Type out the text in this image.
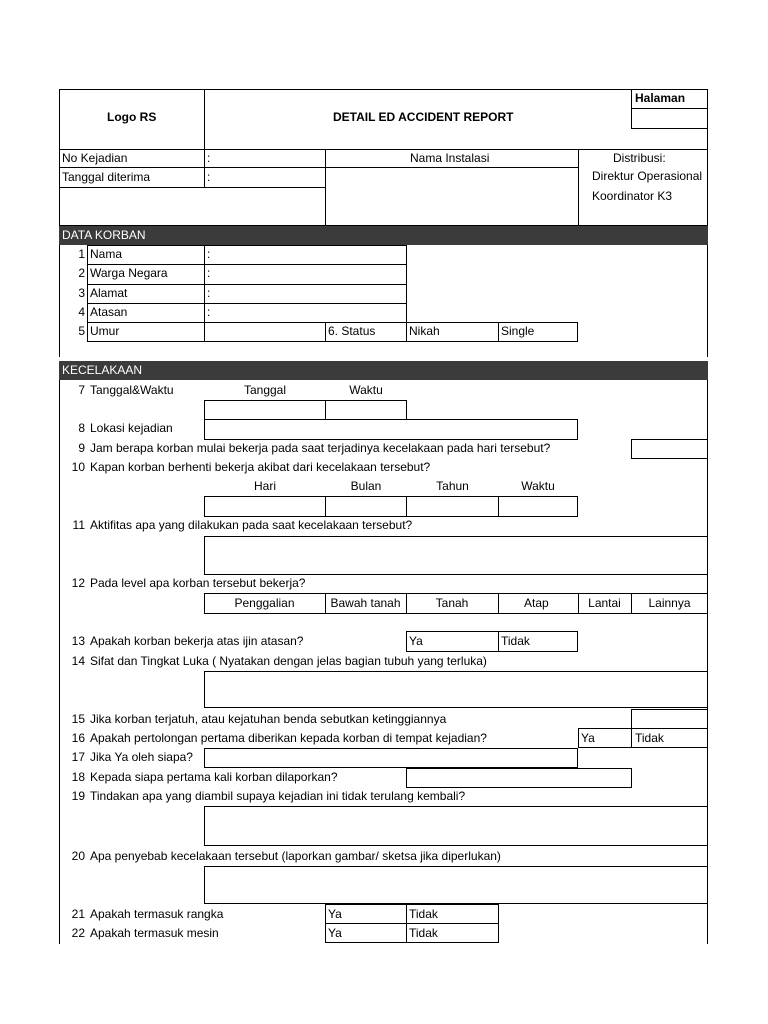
Logo RS	DETAIL ED ACCIDENT REPORT
Halaman
No Kejadian	:
Tanggal diterima	:
Nama Instalasi	Distribusi:
Direktur Operasional
Koordinator K3
DATA KORBAN
1 Nama	:
2 Warga Negara	:
3 Alamat	:
4 Atasan	:
5 Umur	6. Status	Nikah	Single
KECELAKAAN
7 Tanggal&Waktu	Tanggal	Waktu
8 Lokasi kejadian
9 Jam berapa korban mulai bekerja pada saat terjadinya kecelakaan pada hari tersebut?
10 Kapan korban berhenti bekerja akibat dari kecelakaan tersebut?
Hari	Bulan	Tahun	Waktu
11 Aktifitas apa yang dilakukan pada saat kecelakaan tersebut?
12 Pada level apa korban tersebut bekerja?
Penggalian	Bawah tanah	Tanah	Atap	Lantai	Lainnya
13 Apakah korban bekerja atas ijin atasan?	Ya	Tidak
14 Sifat dan Tingkat Luka ( Nyatakan dengan jelas bagian tubuh yang terluka)
15 Jika korban terjatuh, atau kejatuhan benda sebutkan ketinggiannya
16 Apakah pertolongan pertama diberikan kepada korban di tempat kejadian?	Ya	Tidak
17 Jika Ya oleh siapa?
18 Kepada siapa pertama kali korban dilaporkan?
19 Tindakan apa yang diambil supaya kejadian ini tidak terulang kembali?
20 Apa penyebab kecelakaan tersebut (laporkan gambar/ sketsa jika diperlukan)
21 Apakah termasuk rangka	Ya	Tidak
22 Apakah termasuk mesin	Ya	Tidak
